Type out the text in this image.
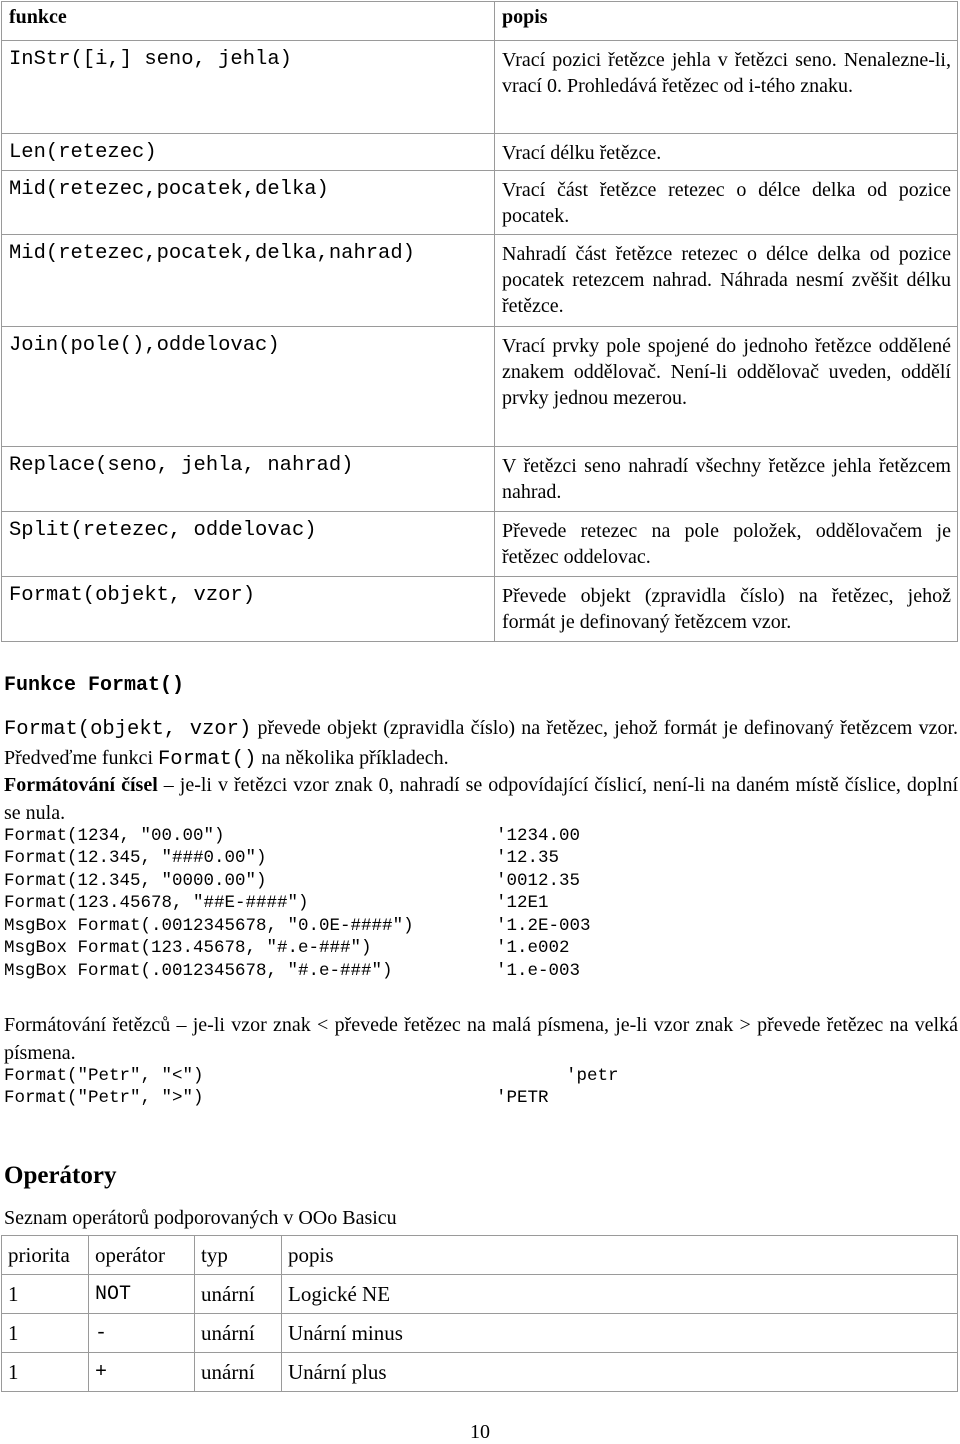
funkce	popis
InStr([i,] seno, jehla)	Vrací pozici řetězce jehla v řetězci seno. Nenalezne-li, vrací 0. Prohledává řetězec od i-tého znaku.
Len(retezec)	Vrací délku řetězce.
Mid(retezec,pocatek,delka)	Vrací část řetězce retezec o délce delka od pozice pocatek.
Mid(retezec,pocatek,delka,nahrad)	Nahradí část řetězce retezec o délce delka od pozice pocatek retezcem nahrad. Náhrada nesmí zvěšit délku řetězce.
Join(pole(),oddelovac)	Vrací prvky pole spojené do jednoho řetězce oddělené znakem oddělovač. Není-li oddělovač uveden, oddělí prvky jednou mezerou.
Replace(seno, jehla, nahrad)	V řetězci seno nahradí všechny řetězce jehla řetězcem nahrad.
Split(retezec, oddelovac)	Převede retezec na pole položek, oddělovačem je řetězec oddelovac.
Format(objekt, vzor)	Převede objekt (zpravidla číslo) na řetězec, jehož formát je definovaný řetězcem vzor.
Funkce Format()
Format(objekt, vzor) převede objekt (zpravidla číslo) na řetězec, jehož formát je definovaný řetězcem vzor. Předveďme funkci Format() na několika příkladech.
Formátování čísel – je-li v řetězci vzor znak 0, nahradí se odpovídající číslicí, není-li na daném místě číslice, doplní se nula.
Format(1234, "00.00")	'1234.00
Format(12.345, "###0.00")	'12.35
Format(12.345, "0000.00")	'0012.35
Format(123.45678, "##E-####")	'12E1
MsgBox Format(.0012345678, "0.0E-####")	'1.2E-003
MsgBox Format(123.45678, "#.e-###")	'1.e002
MsgBox Format(.0012345678, "#.e-###")	'1.e-003
Formátování řetězců – je-li vzor znak < převede řetězec na malá písmena, je-li vzor znak > převede řetězec na velká písmena.
Format("Petr", "<")	'petr
Format("Petr", ">")	'PETR
Operátory
Seznam operátorů podporovaných v OOo Basicu
priorita	operátor	typ	popis
1	NOT	unární	Logické NE
1	-	unární	Unární minus
1	+	unární	Unární plus
10
